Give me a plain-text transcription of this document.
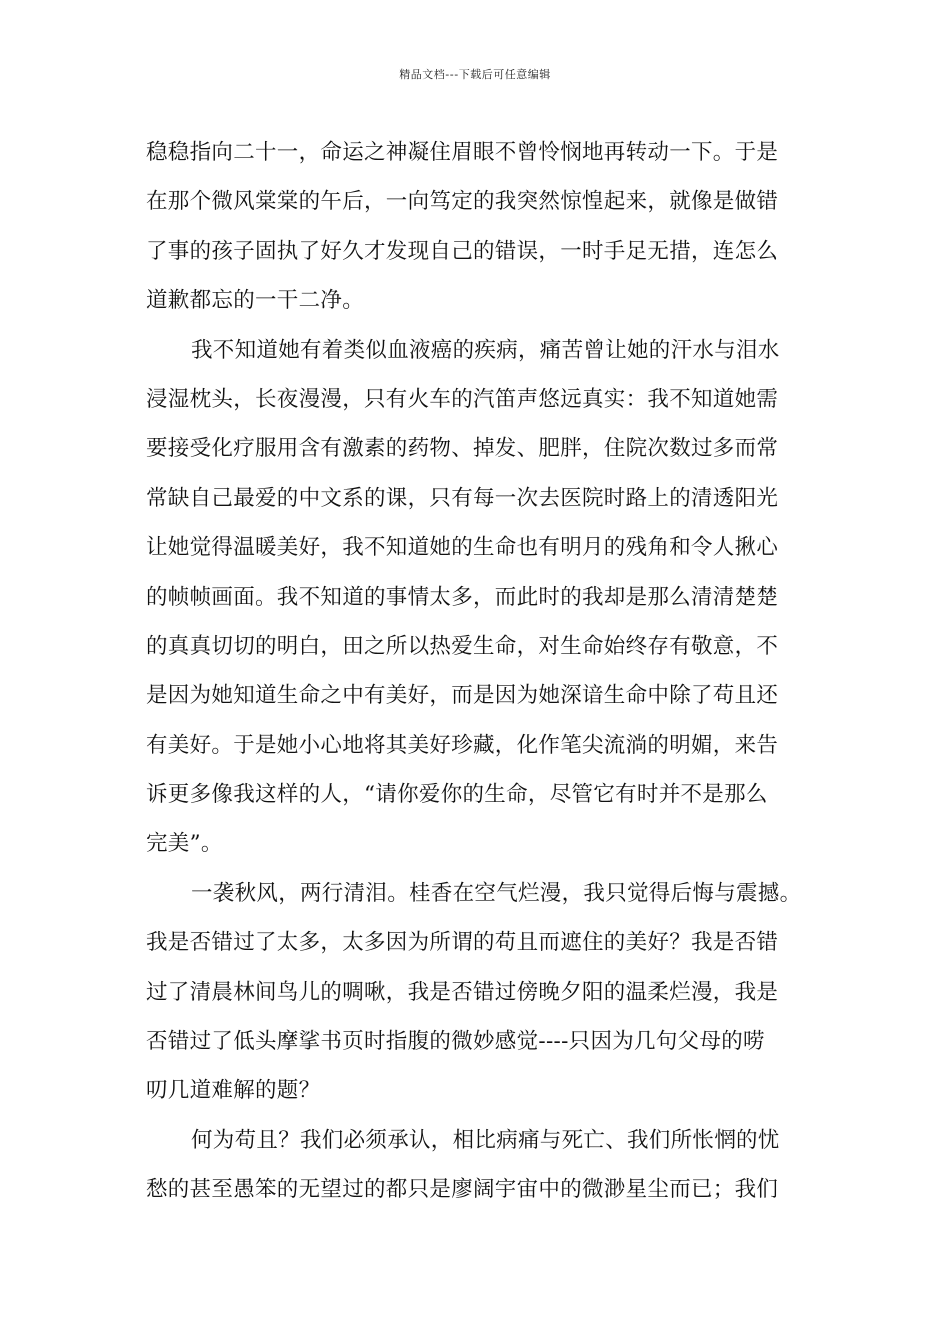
精品文档---下载后可任意编辑
稳稳指向二十一，命运之神凝住眉眼不曾怜悯地再转动一下。于是
在那个微风棠棠的午后，一向笃定的我突然惊惶起来，就像是做错
了事的孩子固执了好久才发现自己的错误，一时手足无措，连怎么
道歉都忘的一干二净。
我不知道她有着类似血液癌的疾病，痛苦曾让她的汗水与泪水
浸湿枕头，长夜漫漫，只有火车的汽笛声悠远真实：我不知道她需
要接受化疗服用含有激素的药物、掉发、肥胖，住院次数过多而常
常缺自己最爱的中文系的课，只有每一次去医院时路上的清透阳光
让她觉得温暖美好，我不知道她的生命也有明月的残角和令人揪心
的帧帧画面。我不知道的事情太多，而此时的我却是那么清清楚楚
的真真切切的明白，田之所以热爱生命，对生命始终存有敬意，不
是因为她知道生命之中有美好，而是因为她深谙生命中除了苟且还
有美好。于是她小心地将其美好珍藏，化作笔尖流淌的明媚，来告
诉更多像我这样的人，“请你爱你的生命，尽管它有时并不是那么
完美”。
一袭秋风，两行清泪。桂香在空气烂漫，我只觉得后悔与震撼。
我是否错过了太多，太多因为所谓的苟且而遮住的美好？我是否错
过了清晨林间鸟儿的啁啾，我是否错过傍晚夕阳的温柔烂漫，我是
否错过了低头摩挲书页时指腹的微妙感觉----只因为几句父母的唠
叨几道难解的题？
何为苟且？我们必须承认，相比病痛与死亡、我们所怅惘的忧
愁的甚至愚笨的无望过的都只是廖阔宇宙中的微渺星尘而已；我们
